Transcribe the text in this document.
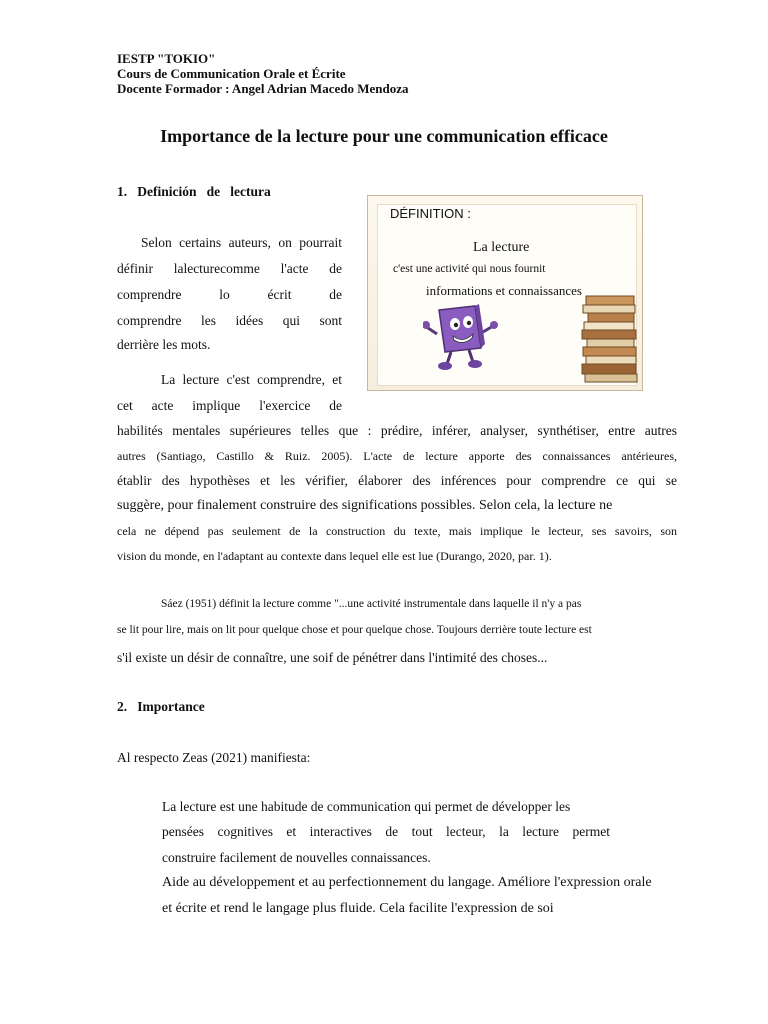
IESTP "TOKIO"
Cours de Communication Orale et Écrite
Docente Formador : Angel Adrian Macedo Mendoza
Importance de la lecture pour une communication efficace
1.   Definición   de   lectura
DÉFINITION :
La lecture
c'est une activité qui nous fournit
informations et connaissances
Selon certains auteurs, on pourrait
définir lalecturecomme l'acte de
comprendre lo écrit de
comprendre les idées qui sont
derrière les mots.
La lecture c'est comprendre, et
cet acte implique l'exercice de
habilités mentales supérieures telles que : prédire, inférer, analyser, synthétiser, entre autres
autres (Santiago, Castillo & Ruiz. 2005). L'acte de lecture apporte des connaissances antérieures,
établir des hypothèses et les vérifier, élaborer des inférences pour comprendre ce qui se
suggère, pour finalement construire des significations possibles. Selon cela, la lecture ne
cela ne dépend pas seulement de la construction du texte, mais implique le lecteur, ses savoirs, son
vision du monde, en l'adaptant au contexte dans lequel elle est lue (Durango, 2020, par. 1).
Sáez (1951) définit la lecture comme "...une activité instrumentale dans laquelle il n'y a pas
se lit pour lire, mais on lit pour quelque chose et pour quelque chose. Toujours derrière toute lecture est
s'il existe un désir de connaître, une soif de pénétrer dans l'intimité des choses...
2.   Importance
Al respecto Zeas (2021) manifiesta:
La lecture est une habitude de communication qui permet de développer les
pensées cognitives et interactives de tout lecteur, la lecture permet
construire facilement de nouvelles connaissances.
Aide au développement et au perfectionnement du langage. Améliore l'expression orale
et écrite et rend le langage plus fluide. Cela facilite l'expression de soi
